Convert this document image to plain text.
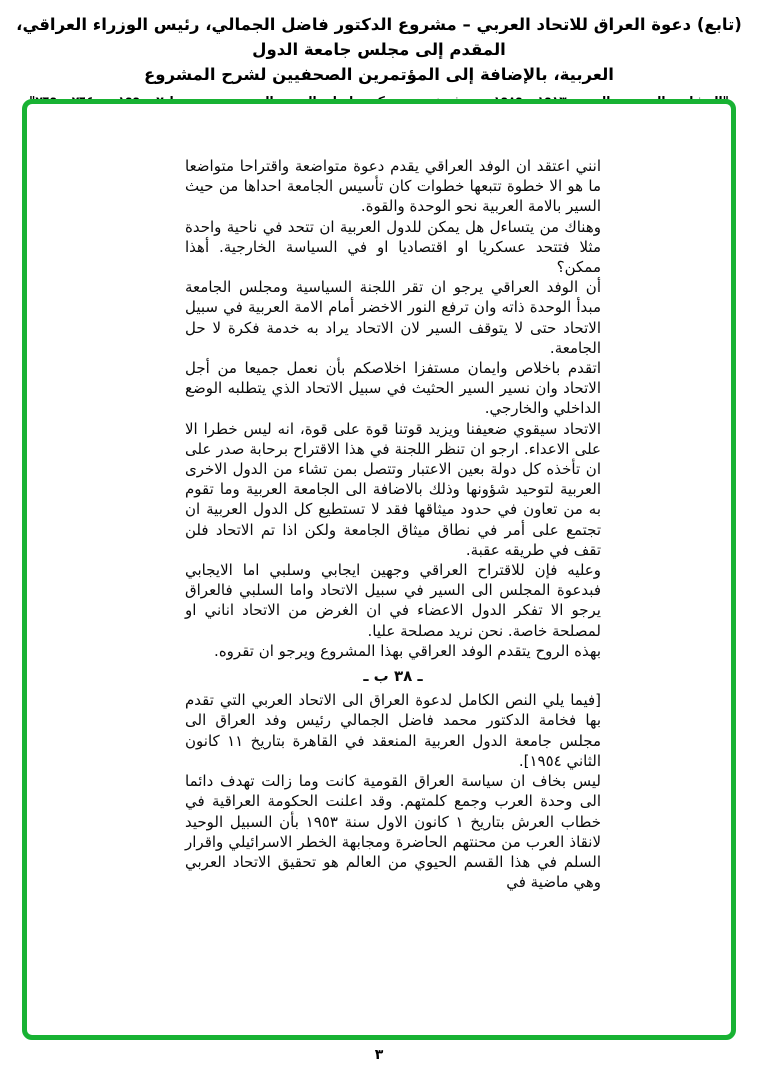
(تابع) دعوة العراق للاتحاد العربي – مشروع الدكتور فاضل الجمالي، رئيس الوزراء العراقي، المقدم إلى مجلس جامعة الدول
العربية، بالإضافة إلى المؤتمرين الصحفيين لشرح المشروع

انني اعتقد ان الوفد العراقي يقدم دعوة متواضعة واقتراحا متواضعا ما هو الا خطوة تتبعها خطوات كان تأسيس الجامعة احداها من حيث السير بالامة العربية نحو الوحدة والقوة.

وهناك من يتساءل هل يمكن للدول العربية ان تتحد في ناحية واحدة مثلا فتتحد عسكريا او اقتصاديا او في السياسة الخارجية. أهذا ممكن؟

أن الوفد العراقي يرجو ان تقر اللجنة السياسية ومجلس الجامعة مبدأ الوحدة ذاته وان ترفع النور الاخضر أمام الامة العربية في سبيل الاتحاد حتى لا يتوقف السير لان الاتحاد يراد به خدمة فكرة لا حل الجامعة.

اتقدم باخلاص وايمان مستفزا اخلاصكم بأن نعمل جميعا من أجل الاتحاد وان نسير السير الحثيث في سبيل الاتحاد الذي يتطلبه الوضع الداخلي والخارجي.

الاتحاد سيقوي ضعيفنا ويزيد قوتنا قوة على قوة، انه ليس خطرا الا على الاعداء. ارجو ان تنظر اللجنة في هذا الاقتراح برحابة صدر على ان تأخذه كل دولة بعين الاعتبار وتتصل بمن تشاء من الدول الاخرى العربية لتوحيد شؤونها وذلك بالاضافة الى الجامعة العربية وما تقوم به من تعاون في حدود ميثاقها فقد لا تستطيع كل الدول العربية ان تجتمع على أمر في نطاق ميثاق الجامعة ولكن اذا تم الاتحاد فلن تقف في طريقه عقبة.

وعليه فإن للاقتراح العراقي وجهين ايجابي وسلبي اما الايجابي فبدعوة المجلس الى السير في سبيل الاتحاد واما السلبي فالعراق يرجو الا تفكر الدول الاعضاء في ان الغرض من الاتحاد اناني او لمصلحة خاصة. نحن نريد مصلحة عليا.

بهذه الروح يتقدم الوفد العراقي بهذا المشروع ويرجو ان تقروه.

ـ ٣٨ ب ـ

[فيما يلي النص الكامل لدعوة العراق الى الاتحاد العربي التي تقدم بها فخامة الدكتور محمد فاضل الجمالي رئيس وفد العراق الى مجلس جامعة الدول العربية المنعقد في القاهرة بتاريخ ١١ كانون الثاني ١٩٥٤].

ليس بخاف ان سياسة العراق القومية كانت وما زالت تهدف دائما الى وحدة العرب وجمع كلمتهم. وقد اعلنت الحكومة العراقية في خطاب العرش بتاريخ ١ كانون الاول سنة ١٩٥٣ بأن السبيل الوحيد لانقاذ العرب من محنتهم الحاضرة ومجابهة الخطر الاسرائيلي واقرار السلم في هذا القسم الحيوي من العالم هو تحقيق الاتحاد العربي وهي ماضية في

٣
